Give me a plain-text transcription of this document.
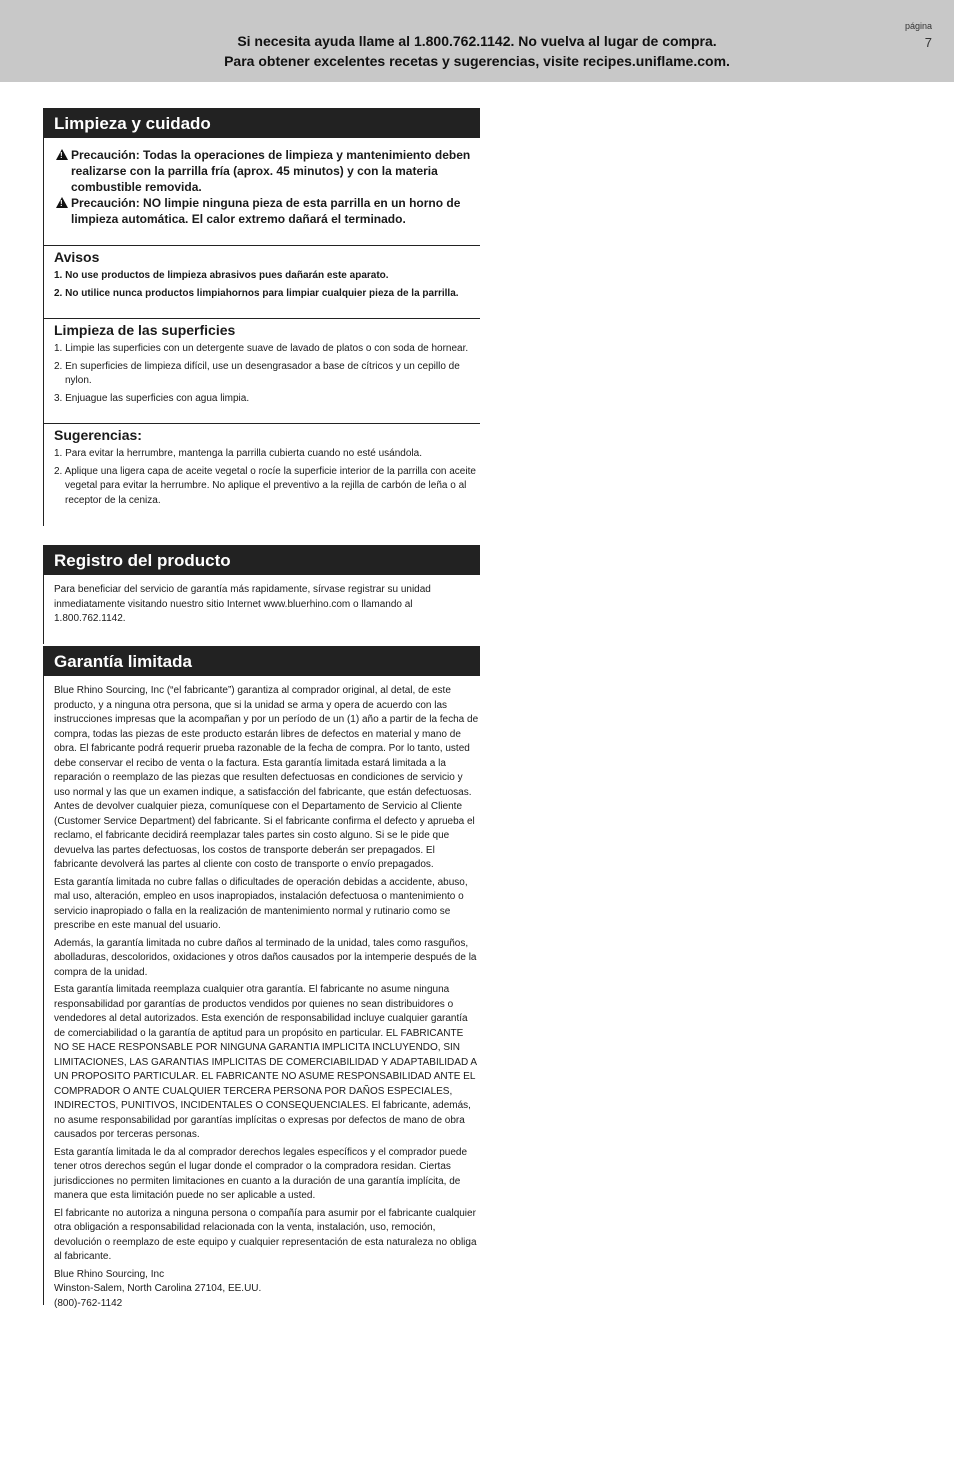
Si necesita ayuda llame al 1.800.762.1142. No vuelva al lugar de compra.
Para obtener excelentes recetas y sugerencias, visite recipes.uniflame.com.
página
7
Limpieza y cuidado

!
Precaución: Todas la operaciones de limpieza y mantenimiento deben realizarse con la parrilla fría (aprox. 45 minutos) y con la materia combustible removida.

!
Precaución: NO limpie ninguna pieza de esta parrilla en un horno de limpieza automática. El calor extremo dañará el terminado.

Avisos

1. No use productos de limpieza abrasivos pues dañarán este aparato.

2. No utilice nunca productos limpiahornos para limpiar cualquier pieza de la parrilla.

Limpieza de las superficies

1. Limpie las superficies con un detergente suave de lavado de platos o con soda de hornear.

2. En superficies de limpieza difícil, use un desengrasador a base de cítricos y un cepillo de nylon.

3. Enjuague las superficies con agua limpia.

Sugerencias:

1. Para evitar la herrumbre, mantenga la parrilla cubierta cuando no esté usándola.

2. Aplique una ligera capa de aceite vegetal o rocíe la superficie interior de la parrilla con aceite vegetal para evitar la herrumbre. No aplique el preventivo a la rejilla de carbón de leña o al receptor de la ceniza.

Registro del producto

Para beneficiar del servicio de garantía más rapidamente, sírvase registrar su unidad inmediatamente visitando nuestro sitio Internet www.bluerhino.com o llamando al 1.800.762.1142.

Garantía limitada

Blue Rhino Sourcing, Inc (“el fabricante”) garantiza al comprador original, al detal, de este producto, y a ninguna otra persona, que si la unidad se arma y opera de acuerdo con las instrucciones impresas que la acompañan y por un período de un (1) año a partir de la fecha de compra, todas las piezas de este producto estarán libres de defectos en material y mano de obra. El fabricante podrá requerir prueba razonable de la fecha de compra. Por lo tanto, usted debe conservar el recibo de venta o la factura. Esta garantía limitada estará limitada a la reparación o reemplazo de las piezas que resulten defectuosas en condiciones de servicio y uso normal y las que un examen indique, a satisfacción del fabricante, que están defectuosas. Antes de devolver cualquier pieza, comuníquese con el Departamento de Servicio al Cliente (Customer Service Department) del fabricante. Si el fabricante confirma el defecto y aprueba el reclamo, el fabricante decidirá reemplazar tales partes sin costo alguno. Si se le pide que devuelva las partes defectuosas, los costos de transporte deberán ser prepagados. El fabricante devolverá las partes al cliente con costo de transporte o envío prepagados.

Esta garantía limitada no cubre fallas o dificultades de operación debidas a accidente, abuso, mal uso, alteración, empleo en usos inapropiados, instalación defectuosa o mantenimiento o servicio inapropiado o falla en la realización de mantenimiento normal y rutinario como se prescribe en este manual del usuario.

Además, la garantía limitada no cubre daños al terminado de la unidad, tales como rasguños, abolladuras, descoloridos, oxidaciones y otros daños causados por la intemperie después de la compra de la unidad.

Esta garantía limitada reemplaza cualquier otra garantía. El fabricante no asume ninguna responsabilidad por garantías de productos vendidos por quienes no sean distribuidores o vendedores al detal autorizados. Esta exención de responsabilidad incluye cualquier garantía de comerciabilidad o la garantía de aptitud para un propósito en particular. EL FABRICANTE NO SE HACE RESPONSABLE POR NINGUNA GARANTIA IMPLICITA INCLUYENDO, SIN LIMITACIONES, LAS GARANTIAS IMPLICITAS DE COMERCIABILIDAD Y ADAPTABILIDAD A UN PROPOSITO PARTICULAR. EL FABRICANTE NO ASUME RESPONSABILIDAD ANTE EL COMPRADOR O ANTE CUALQUIER TERCERA PERSONA POR DAÑOS ESPECIALES, INDIRECTOS, PUNITIVOS, INCIDENTALES O CONSEQUENCIALES. El fabricante, además, no asume responsabilidad por garantías implícitas o expresas por defectos de mano de obra causados por terceras personas.

Esta garantía limitada le da al comprador derechos legales específicos y el comprador puede tener otros derechos según el lugar donde el comprador o la compradora residan. Ciertas jurisdicciones no permiten limitaciones en cuanto a la duración de una garantía implícita, de manera que esta limitación puede no ser aplicable a usted.

El fabricante no autoriza a ninguna persona o compañía para asumir por el fabricante cualquier otra obligación a responsabilidad relacionada con la venta, instalación, uso, remoción, devolución o reemplazo de este equipo y cualquier representación de esta naturaleza no obliga al fabricante.

Blue Rhino Sourcing, Inc

Winston-Salem, North Carolina 27104, EE.UU.

(800)-762-1142
